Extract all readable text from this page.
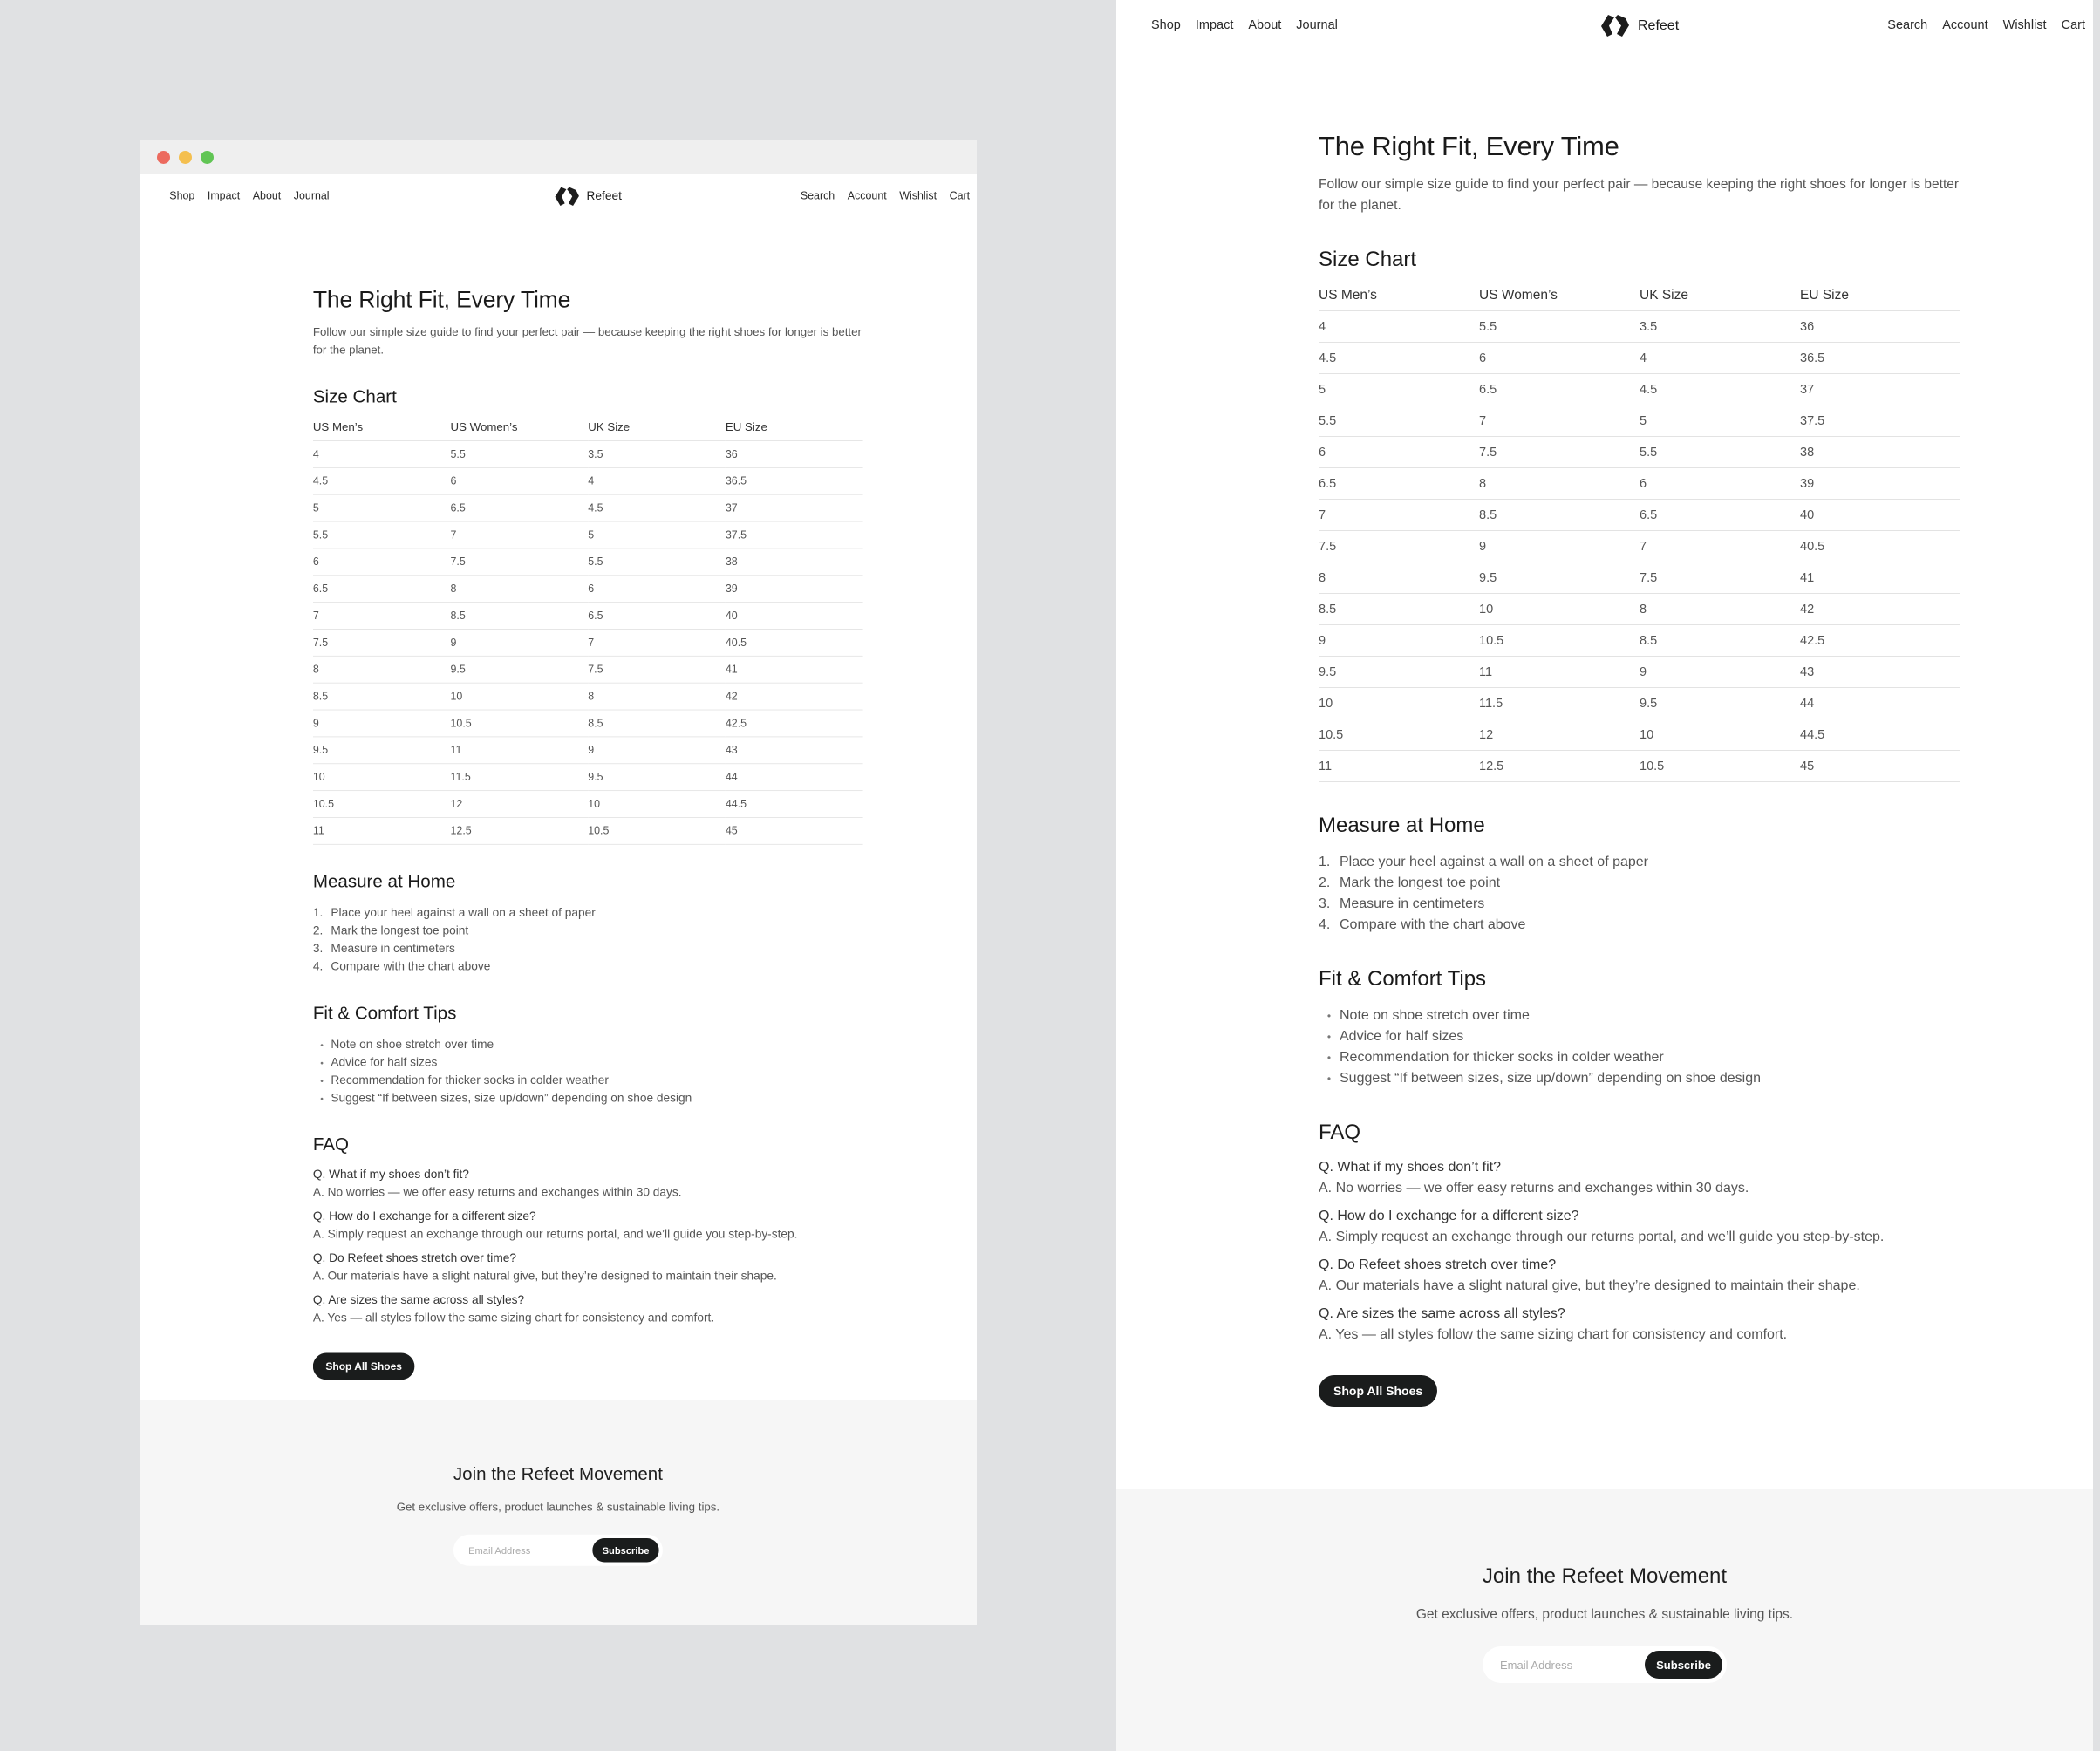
Shop Impact About Journal	Refeet	Search Account Wishlist Cart
The Right Fit, Every Time

Follow our simple size guide to find your perfect pair — because keeping the right shoes for longer is better for the planet.

Size Chart
US Men’s	US Women’s	UK Size	EU Size
4	5.5	3.5	36
4.5	6	4	36.5
5	6.5	4.5	37
5.5	7	5	37.5
6	7.5	5.5	38
6.5	8	6	39
7	8.5	6.5	40
7.5	9	7	40.5
8	9.5	7.5	41
8.5	10	8	42
9	10.5	8.5	42.5
9.5	11	9	43
10	11.5	9.5	44
10.5	12	10	44.5
11	12.5	10.5	45
Measure at Home
1. Place your heel against a wall on a sheet of paper
2. Mark the longest toe point
3. Measure in centimeters
4. Compare with the chart above
Fit & Comfort Tips
• Note on shoe stretch over time
• Advice for half sizes
• Recommendation for thicker socks in colder weather
• Suggest “If between sizes, size up/down” depending on shoe design
FAQ
Q. What if my shoes don’t fit?
A. No worries — we offer easy returns and exchanges within 30 days.
Q. How do I exchange for a different size?
A. Simply request an exchange through our returns portal, and we’ll guide you step-by-step.
Q. Do Refeet shoes stretch over time?
A. Our materials have a slight natural give, but they’re designed to maintain their shape.
Q. Are sizes the same across all styles?
A. Yes — all styles follow the same sizing chart for consistency and comfort.
Shop All Shoes
Join the Refeet Movement

Get exclusive offers, product launches & sustainable living tips.

Email Address
Subscribe
Shop Impact About Journal	Refeet	Search Account Wishlist Cart
The Right Fit, Every Time

Follow our simple size guide to find your perfect pair — because keeping the right shoes for longer is better for the planet.

Size Chart
US Men’s	US Women’s	UK Size	EU Size
4	5.5	3.5	36
4.5	6	4	36.5
5	6.5	4.5	37
5.5	7	5	37.5
6	7.5	5.5	38
6.5	8	6	39
7	8.5	6.5	40
7.5	9	7	40.5
8	9.5	7.5	41
8.5	10	8	42
9	10.5	8.5	42.5
9.5	11	9	43
10	11.5	9.5	44
10.5	12	10	44.5
11	12.5	10.5	45
Measure at Home
1. Place your heel against a wall on a sheet of paper
2. Mark the longest toe point
3. Measure in centimeters
4. Compare with the chart above
Fit & Comfort Tips
• Note on shoe stretch over time
• Advice for half sizes
• Recommendation for thicker socks in colder weather
• Suggest “If between sizes, size up/down” depending on shoe design
FAQ
Q. What if my shoes don’t fit?
A. No worries — we offer easy returns and exchanges within 30 days.
Q. How do I exchange for a different size?
A. Simply request an exchange through our returns portal, and we’ll guide you step-by-step.
Q. Do Refeet shoes stretch over time?
A. Our materials have a slight natural give, but they’re designed to maintain their shape.
Q. Are sizes the same across all styles?
A. Yes — all styles follow the same sizing chart for consistency and comfort.
Shop All Shoes
Join the Refeet Movement

Get exclusive offers, product launches & sustainable living tips.

Email Address
Subscribe
